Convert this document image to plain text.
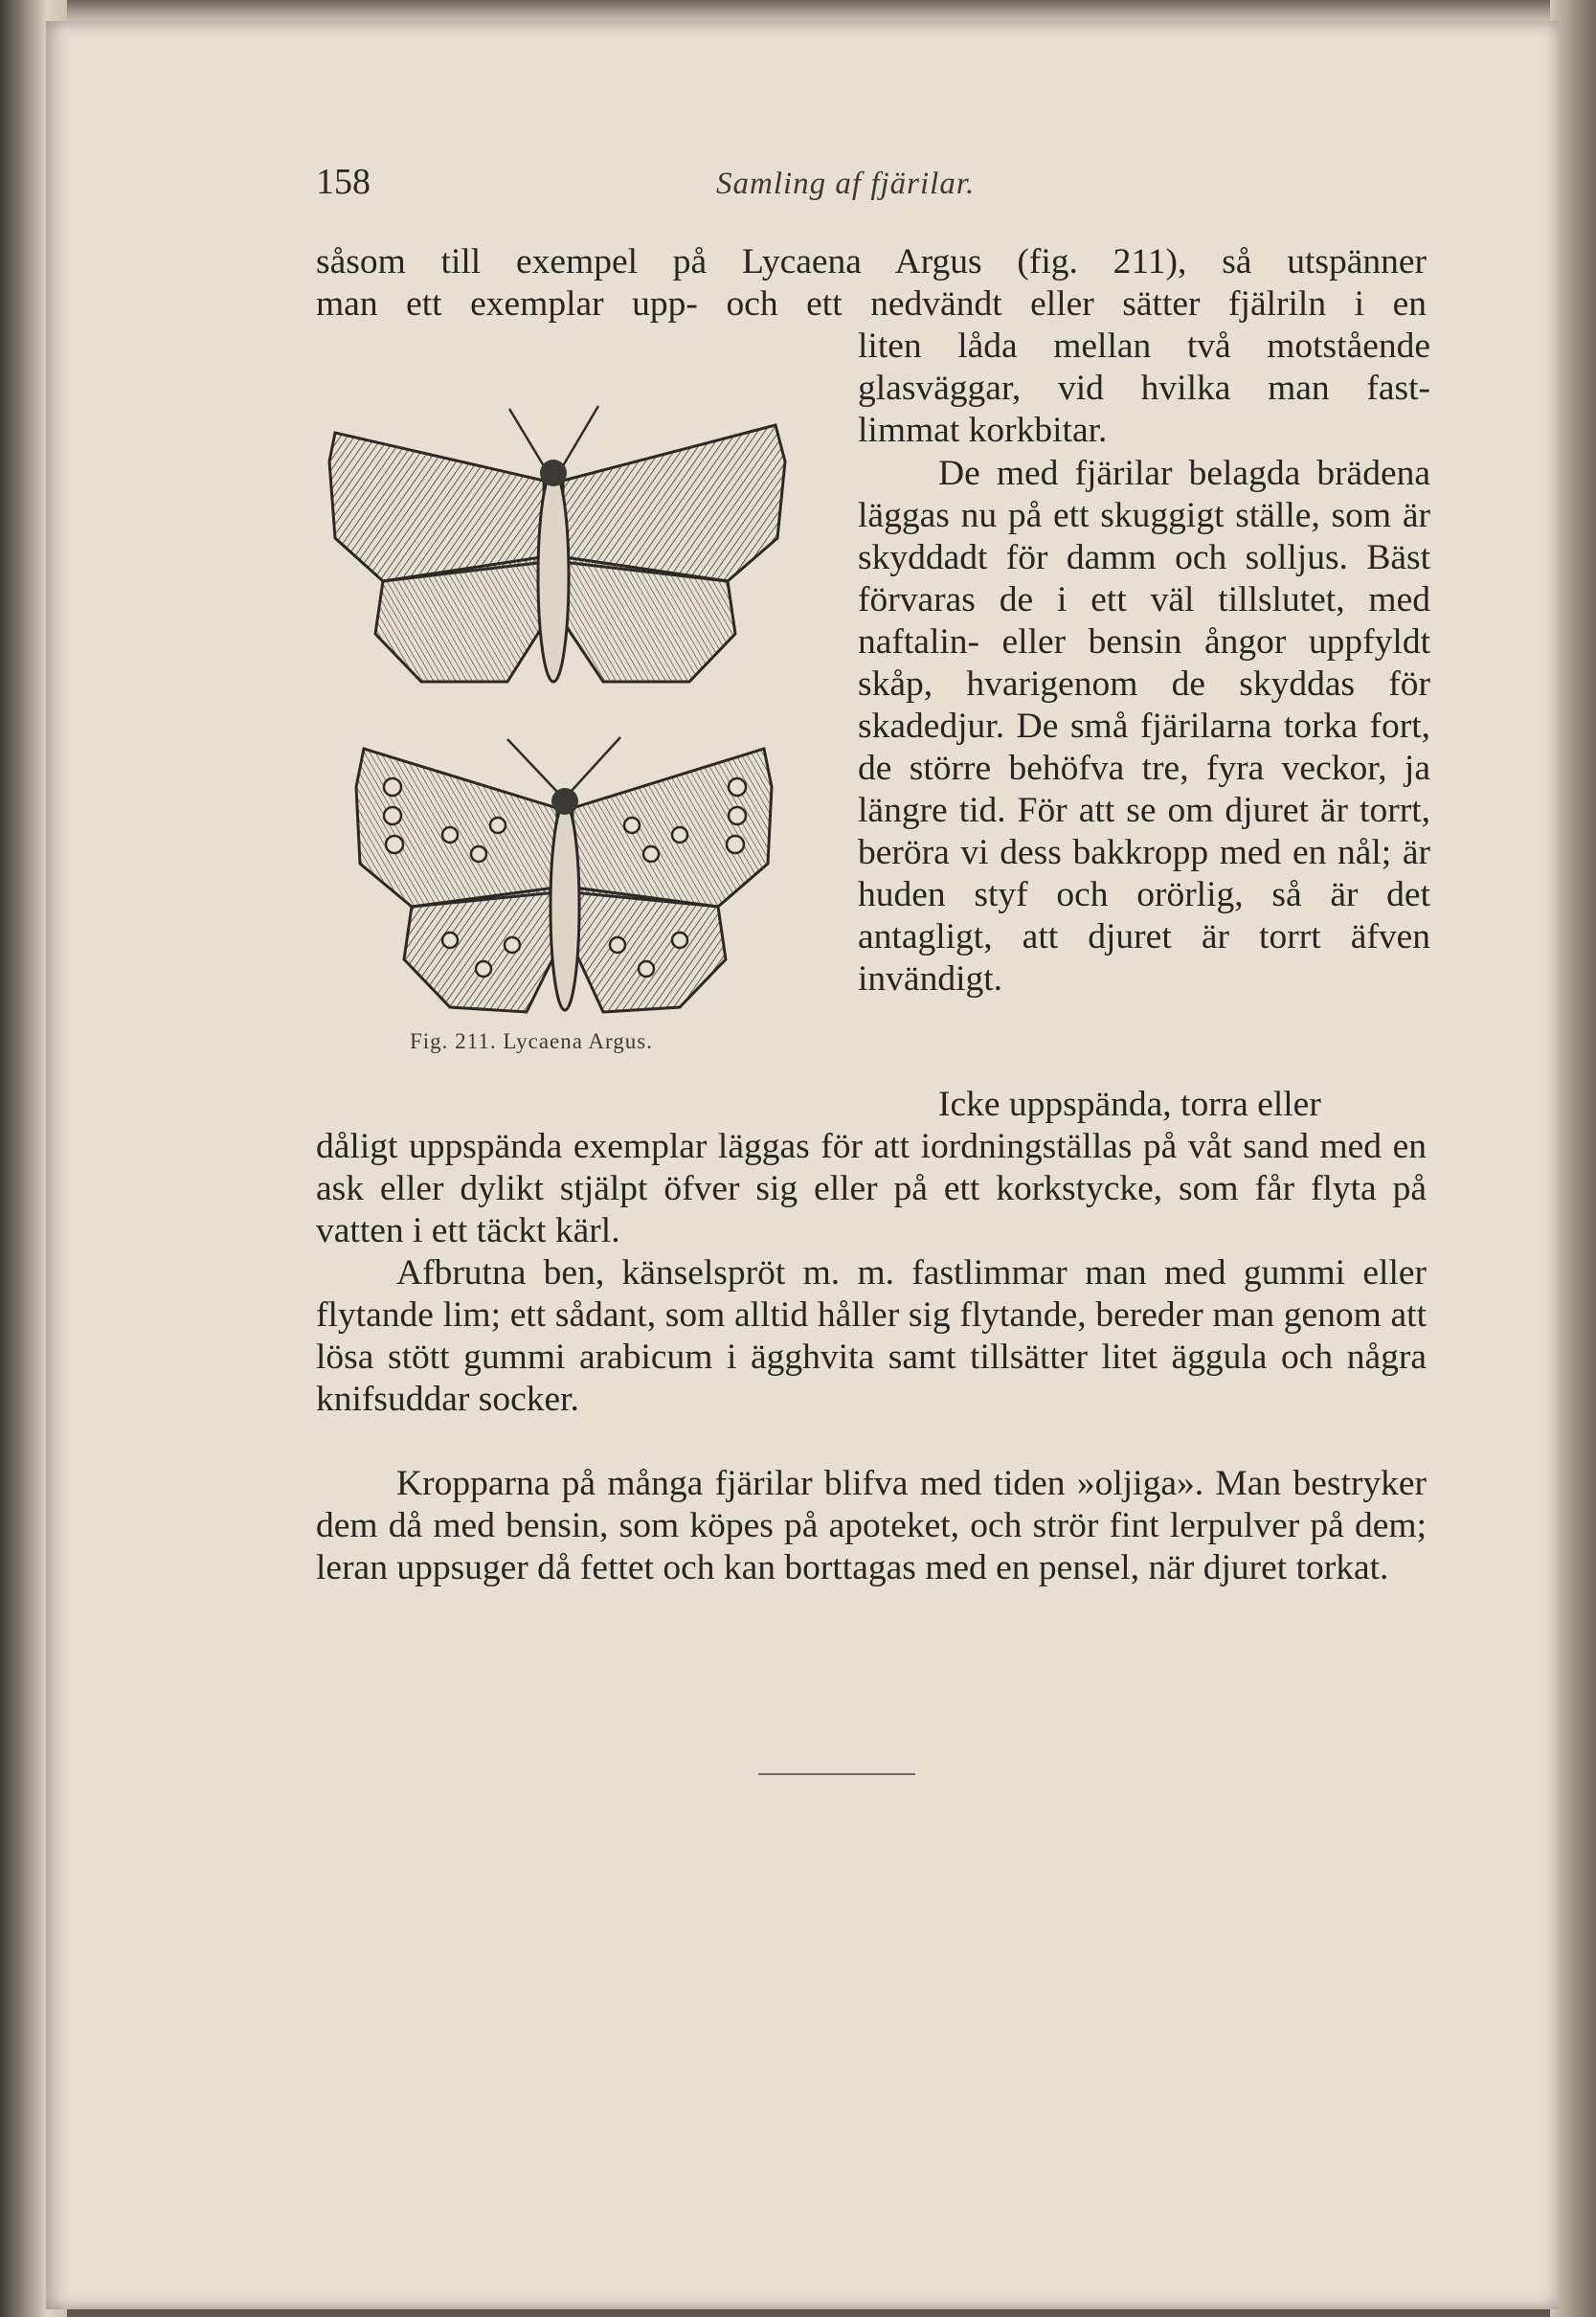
158	Samling af fjärilar.

såsom till exempel på Lycaena Argus (fig. 211), så utspänner

man ett exemplar upp- och ett nedvändt eller sätter fjälriln i en

liten låda mellan två motstående

glasväggar, vid hvilka man fast-

limmat korkbitar.

De med fjärilar belagda brädena läggas nu på ett skuggigt ställe, som är skyddadt för damm och solljus. Bäst förvaras de i ett väl tillslutet, med naftalin- eller bensin ångor uppfyldt skåp, hvarigenom de skyddas för skadedjur. De små fjärilarna torka fort, de större behöfva tre, fyra veckor, ja längre tid. För att se om djuret är torrt, beröra vi dess bakkropp med en nål; är huden styf och orörlig, så är det antagligt, att djuret är torrt äfven invändigt.

Fig. 211. Lycaena Argus.

Icke uppspända, torra eller

dåligt uppspända exemplar läggas för att iordningställas på våt sand med en ask eller dylikt stjälpt öfver sig eller på ett korkstycke, som får flyta på vatten i ett täckt kärl.

Afbrutna ben, känselspröt m. m. fastlimmar man med gummi eller flytande lim; ett sådant, som alltid håller sig flytande, bereder man genom att lösa stött gummi arabicum i ägghvita samt tillsätter litet äggula och några knifsuddar socker.

Kropparna på många fjärilar blifva med tiden »oljiga». Man bestryker dem då med bensin, som köpes på apoteket, och strör fint lerpulver på dem; leran uppsuger då fettet och kan borttagas med en pensel, när djuret torkat.
